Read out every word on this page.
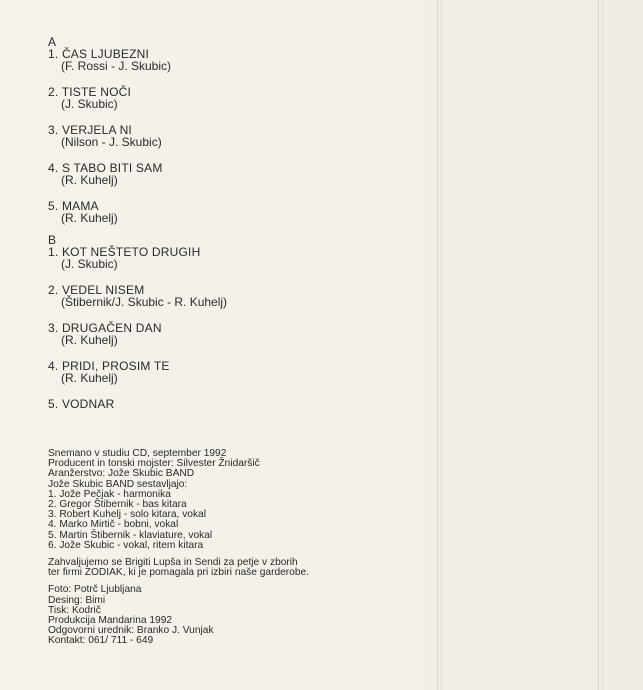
A
1. ČAS LJUBEZNI
(F. Rossi - J. Skubic)
2. TISTE NOČI
(J. Skubic)
3. VERJELA NI
(Nilson - J. Skubic)
4. S TABO BITI SAM
(R. Kuhelj)
5. MAMA
(R. Kuhelj)
B
1. KOT NEŠTETO DRUGIH
(J. Skubic)
2. VEDEL NISEM
(Štibernik/J. Skubic - R. Kuhelj)
3. DRUGAČEN DAN
(R. Kuhelj)
4. PRIDI, PROSIM TE
(R. Kuhelj)
5. VODNAR
Snemano v studiu CD, september 1992
Producent in tonski mojster: Silvester Žnidaršič
Aranžerstvo: Jože Skubic BAND
Jože Skubic BAND sestavljajo:
1. Jože Pečjak - harmonika
2. Gregor Štibernik - bas kitara
3. Robert Kuhelj - solo kitara, vokal
4. Marko Mirtič - bobni, vokal
5. Martin Štibernik - klaviature, vokal
6. Jože Skubic - vokal, ritem kitara
Zahvaljujemo se Brigiti Lupša in Sendi za petje v zborih
ter firmi ZODIAK, ki je pomagala pri izbiri naše garderobe.
Foto: Potrč Ljubljana
Desing: Bimi
Tisk: Kodrič
Produkcija Mandarina 1992
Odgovorni urednik: Branko J. Vunjak
Kontakt: 061/ 711 - 649
